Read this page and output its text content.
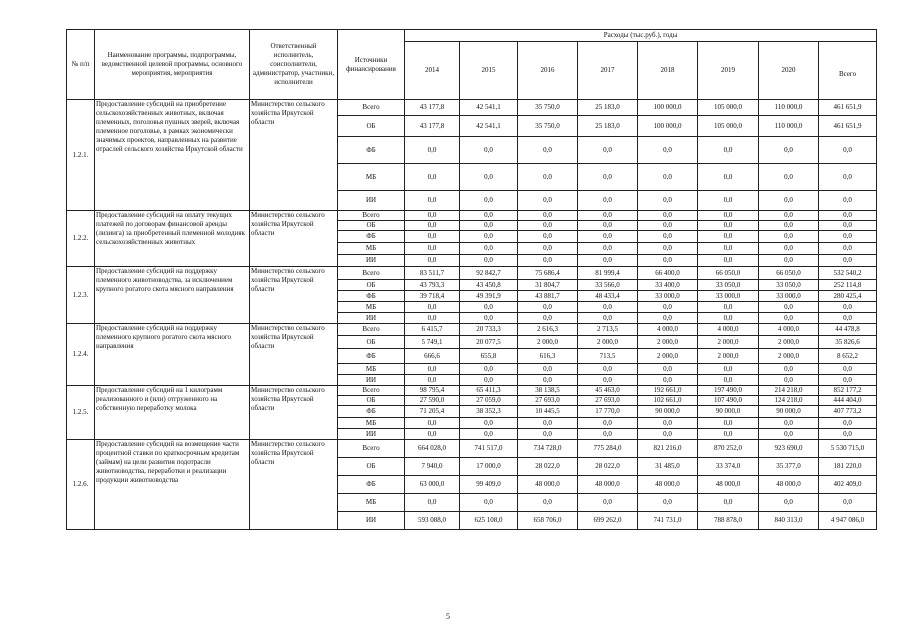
№ п/п	Наименование программы, подпрограммы, ведомственной целевой программы, основного мероприятия, мероприятия	Ответственный исполнитель, соисполнители, администратор, участники, исполнители	Источники финансирования	Расходы (тыс.руб.), годы							
				2014	2015	2016	2017	2018	2019	2020	Всего
1.2.1.	Предоставление субсидий на приобретение сельскохозяйственных животных, включая племенных, поголовья пушных зверей, включая племенное поголовье, в рамках экономически значимых проектов, направленных на развитие отраслей сельского хозяйства Иркутской области	Министерство сельского хозяйства Иркутской области	Всего	43 177,8	42 541,1	35 750,0	25 183,0	100 000,0	105 000,0	110 000,0	461 651,9
			ОБ	43 177,8	42 541,1	35 750,0	25 183,0	100 000,0	105 000,0	110 000,0	461 651,9
			ФБ	0,0	0,0	0,0	0,0	0,0	0,0	0,0	0,0
			МБ	0,0	0,0	0,0	0,0	0,0	0,0	0,0	0,0
			ИИ	0,0	0,0	0,0	0,0	0,0	0,0	0,0	0,0
1.2.2.	Предоставление субсидий на оплату текущих платежей по договорам финансовой аренды (лизинга) за приобретенный племенной молодняк сельскохозяйственных животных	Министерство сельского хозяйства Иркутской области	Всего	0,0	0,0	0,0	0,0	0,0	0,0	0,0	0,0
			ОБ	0,0	0,0	0,0	0,0	0,0	0,0	0,0	0,0
			ФБ	0,0	0,0	0,0	0,0	0,0	0,0	0,0	0,0
			МБ	0,0	0,0	0,0	0,0	0,0	0,0	0,0	0,0
			ИИ	0,0	0,0	0,0	0,0	0,0	0,0	0,0	0,0
1.2.3.	Предоставление субсидий на поддержку племенного животноводства, за исключением крупного рогатого скота мясного направления	Министерство сельского хозяйства Иркутской области	Всего	83 511,7	92 842,7	75 686,4	81 999,4	66 400,0	66 050,0	66 050,0	532 540,2
			ОБ	43 793,3	43 450,8	31 804,7	33 566,0	33 400,0	33 050,0	33 050,0	252 114,8
			ФБ	39 718,4	49 391,9	43 881,7	48 433,4	33 000,0	33 000,0	33 000,0	280 425,4
			МБ	0,0	0,0	0,0	0,0	0,0	0,0	0,0	0,0
			ИИ	0,0	0,0	0,0	0,0	0,0	0,0	0,0	0,0
1.2.4.	Предоставление субсидий на поддержку племенного крупного рогатого скота мясного направления	Министерство сельского хозяйства Иркутской области	Всего	6 415,7	20 733,3	2 616,3	2 713,5	4 000,0	4 000,0	4 000,0	44 478,8
			ОБ	5 749,1	20 077,5	2 000,0	2 000,0	2 000,0	2 000,0	2 000,0	35 826,6
			ФБ	666,6	655,8	616,3	713,5	2 000,0	2 000,0	2 000,0	8 652,2
			МБ	0,0	0,0	0,0	0,0	0,0	0,0	0,0	0,0
			ИИ	0,0	0,0	0,0	0,0	0,0	0,0	0,0	0,0
1.2.5.	Предоставление субсидий на 1 килограмм реализованного и (или) отгруженного на собственную переработку молока	Министерство сельского хозяйства Иркутской области	Всего	98 795,4	65 411,3	38 138,5	45 463,0	192 661,0	197 490,0	214 218,0	852 177,2
			ОБ	27 590,0	27 059,0	27 693,0	27 693,0	102 661,0	107 490,0	124 218,0	444 404,0
			ФБ	71 205,4	38 352,3	10 445,5	17 770,0	90 000,0	90 000,0	90 000,0	407 773,2
			МБ	0,0	0,0	0,0	0,0	0,0	0,0	0,0	0,0
			ИИ	0,0	0,0	0,0	0,0	0,0	0,0	0,0	0,0
1.2.6.	Предоставление субсидий на возмещение части процентной ставки по краткосрочным кредитам (займам) на цели развития подотрасли животноводства, переработки и реализации продукции животноводства	Министерство сельского хозяйства Иркутской области	Всего	664 028,0	741 517,0	734 728,0	775 284,0	821 216,0	870 252,0	923 690,0	5 530 715,0
			ОБ	7 940,0	17 000,0	28 022,0	28 022,0	31 485,0	33 374,0	35 377,0	181 220,0
			ФБ	63 000,0	99 409,0	48 000,0	48 000,0	48 000,0	48 000,0	48 000,0	402 409,0
			МБ	0,0	0,0	0,0	0,0	0,0	0,0	0,0	0,0
			ИИ	593 088,0	625 108,0	658 706,0	699 262,0	741 731,0	788 878,0	840 313,0	4 947 086,0
5
